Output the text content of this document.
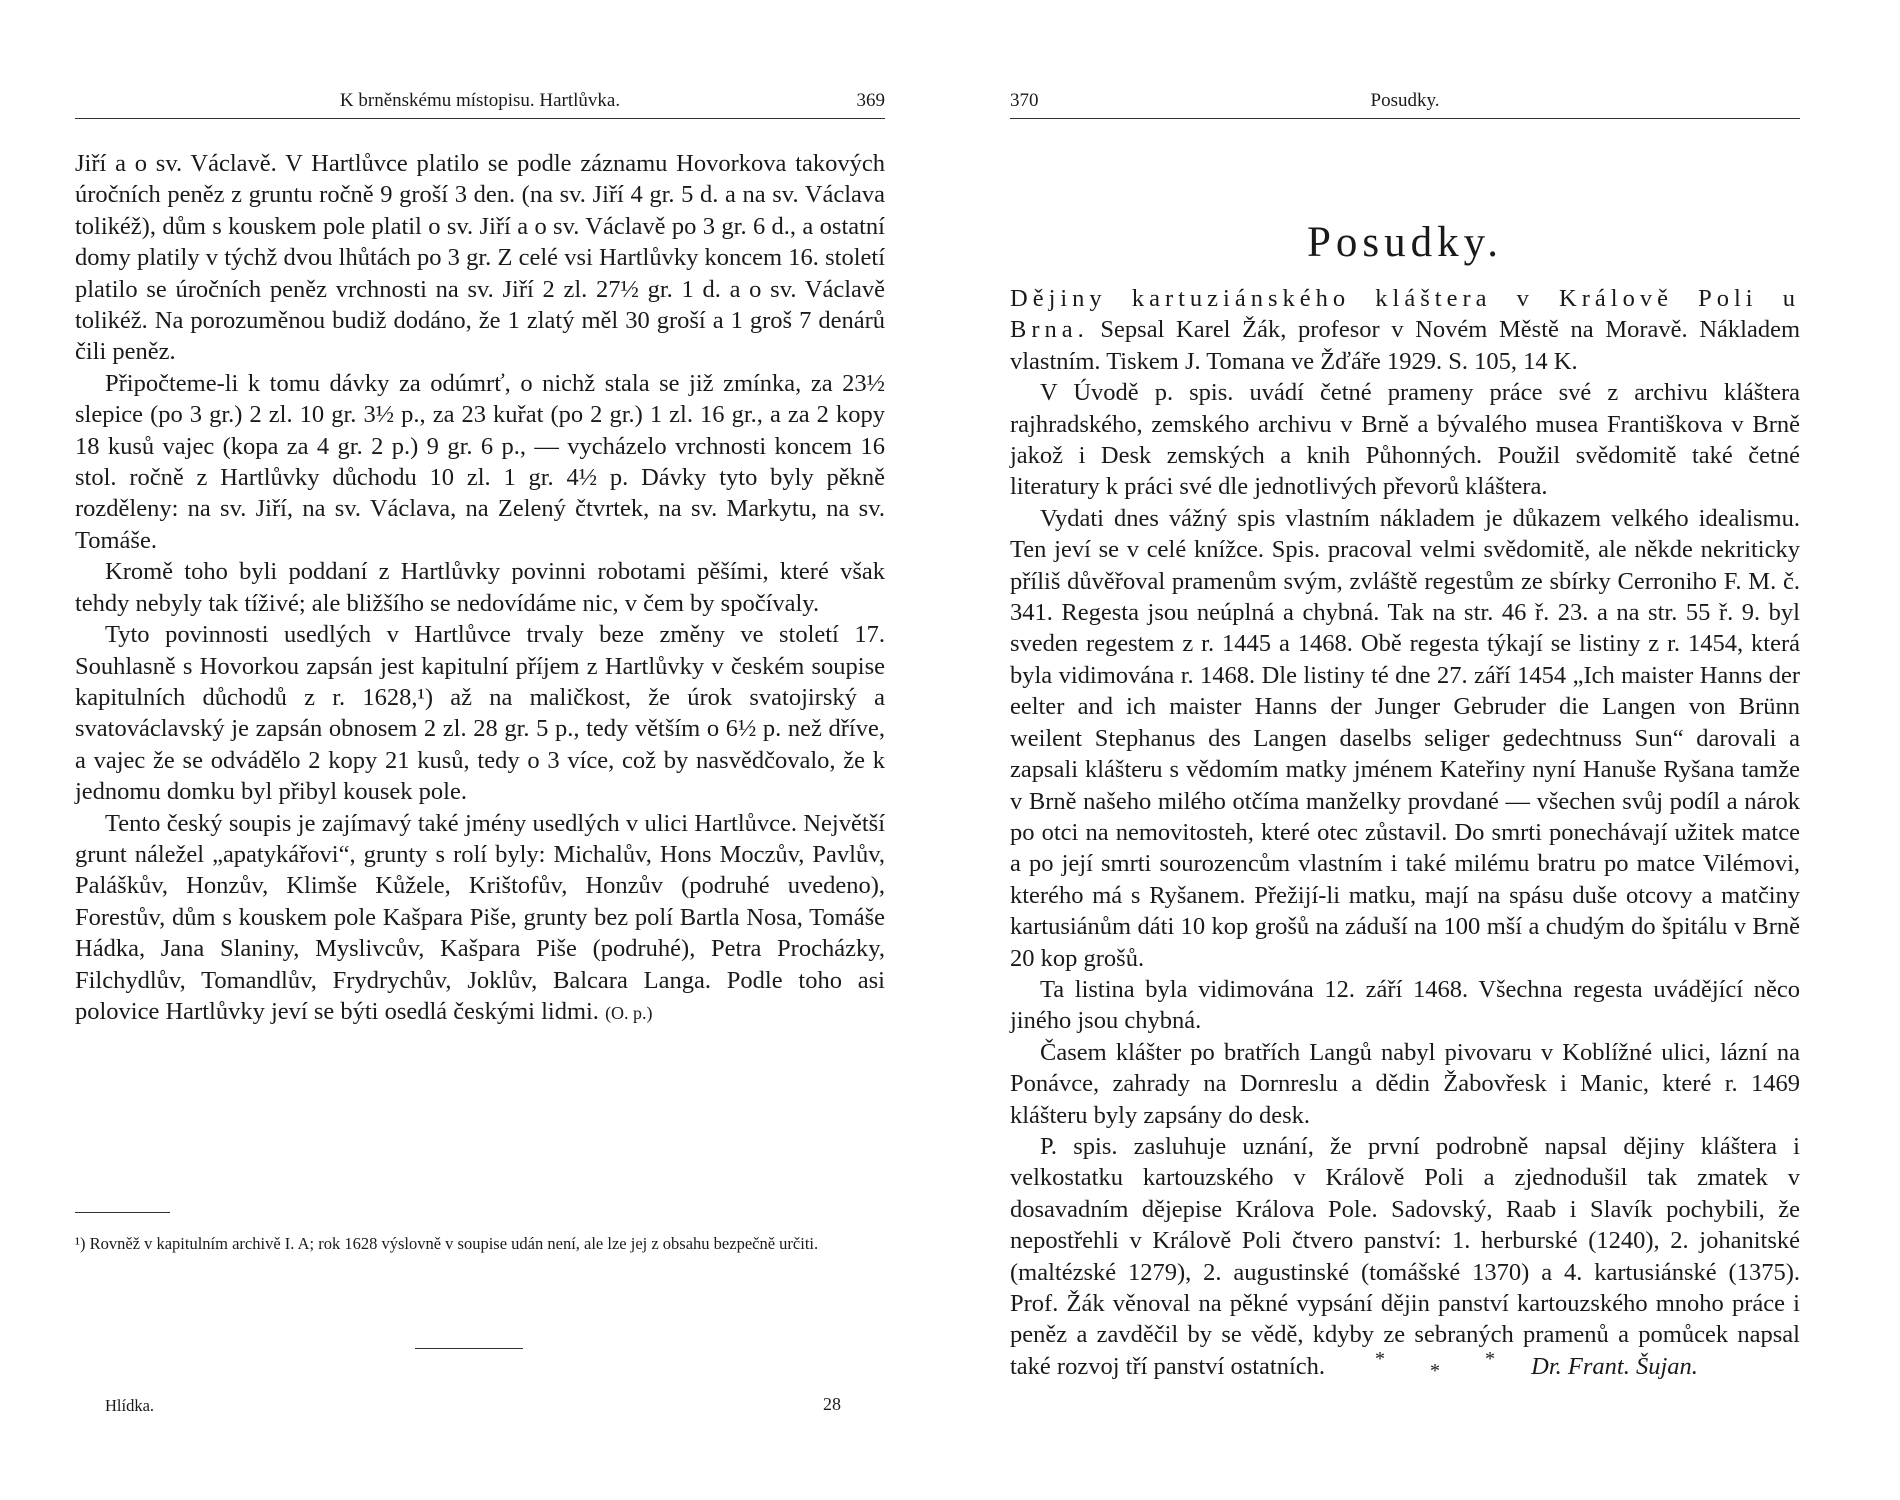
K brněnskému místopisu. Hartlůvka.	369

Jiří a o sv. Václavě. V Hartlůvce platilo se podle záznamu Hovorkova takových úročních peněz z gruntu ročně 9 groší 3 den. (na sv. Jiří 4 gr. 5 d. a na sv. Václava tolikéž), dům s kouskem pole platil o sv. Jiří a o sv. Václavě po 3 gr. 6 d., a ostatní domy platily v týchž dvou lhůtách po 3 gr. Z celé vsi Hartlůvky koncem 16. století platilo se úročních peněz vrchnosti na sv. Jiří 2 zl. 27½ gr. 1 d. a o sv. Václavě tolikéž. Na porozuměnou budiž dodáno, že 1 zlatý měl 30 groší a 1 groš 7 denárů čili peněz.

Připočteme-li k tomu dávky za odúmrť, o nichž stala se již zmínka, za 23½ slepice (po 3 gr.) 2 zl. 10 gr. 3½ p., za 23 kuřat (po 2 gr.) 1 zl. 16 gr., a za 2 kopy 18 kusů vajec (kopa za 4 gr. 2 p.) 9 gr. 6 p., — vycházelo vrchnosti koncem 16 stol. ročně z Hartlůvky důchodu 10 zl. 1 gr. 4½ p. Dávky tyto byly pěkně rozděleny: na sv. Jiří, na sv. Václava, na Zelený čtvrtek, na sv. Markytu, na sv. Tomáše.

Kromě toho byli poddaní z Hartlůvky povinni robotami pěšími, které však tehdy nebyly tak tíživé; ale bližšího se nedovídáme nic, v čem by spočívaly.

Tyto povinnosti usedlých v Hartlůvce trvaly beze změny ve století 17. Souhlasně s Hovorkou zapsán jest kapitulní příjem z Hartlůvky v českém soupise kapitulních důchodů z r. 1628,¹) až na maličkost, že úrok svatojirský a svatováclavský je zapsán obnosem 2 zl. 28 gr. 5 p., tedy větším o 6½ p. než dříve, a vajec že se odvádělo 2 kopy 21 kusů, tedy o 3 více, což by nasvědčovalo, že k jednomu domku byl přibyl kousek pole.

Tento český soupis je zajímavý také jmény usedlých v ulici Hartlůvce. Největší grunt náležel „apatykářovi“, grunty s rolí byly: Michalův, Hons Moczův, Pavlův, Paláškův, Honzův, Klimše Kůžele, Krištofův, Honzův (podruhé uvedeno), Forestův, dům s kouskem pole Kašpara Piše, grunty bez polí Bartla Nosa, Tomáše Hádka, Jana Slaniny, Myslivcův, Kašpara Piše (podruhé), Petra Procházky, Filchydlův, Tomandlův, Frydrychův, Joklův, Balcara Langa. Podle toho asi polovice Hartlůvky jeví se býti osedlá českými lidmi. (O. p.)

¹) Rovněž v kapitulním archivě I. A; rok 1628 výslovně v soupise udán není, ale lze jej z obsahu bezpečně určiti.
Hlídka.	28
370	Posudky.
Posudky.

Dějiny kartuziánského kláštera v Králově Poli u Brna. Sepsal Karel Žák, profesor v Novém Městě na Moravě. Nákladem vlastním. Tiskem J. Tomana ve Žďáře 1929. S. 105, 14 K.

V Úvodě p. spis. uvádí četné prameny práce své z archivu kláštera rajhradského, zemského archivu v Brně a bývalého musea Františkova v Brně jakož i Desk zemských a knih Půhonných. Použil svědomitě také četné literatury k práci své dle jednotlivých převorů kláštera.

Vydati dnes vážný spis vlastním nákladem je důkazem velkého idealismu. Ten jeví se v celé knížce. Spis. pracoval velmi svědomitě, ale někde nekriticky příliš důvěřoval pramenům svým, zvláště regestům ze sbírky Cerroniho F. M. č. 341. Regesta jsou neúplná a chybná. Tak na str. 46 ř. 23. a na str. 55 ř. 9. byl sveden regestem z r. 1445 a 1468. Obě regesta týkají se listiny z r. 1454, která byla vidimována r. 1468. Dle listiny té dne 27. září 1454 „Ich maister Hanns der eelter and ich maister Hanns der Junger Gebruder die Langen von Brünn weilent Stephanus des Langen daselbs seliger gedechtnuss Sun“ darovali a zapsali klášteru s vědomím matky jménem Kateřiny nyní Hanuše Ryšana tamže v Brně našeho milého otčíma manželky provdané — všechen svůj podíl a nárok po otci na nemovitosteh, které otec zůstavil. Do smrti ponechávají užitek matce a po její smrti sourozencům vlastním i také milému bratru po matce Vilémovi, kterého má s Ryšanem. Přežijí-li matku, mají na spásu duše otcovy a matčiny kartusiánům dáti 10 kop grošů na záduší na 100 mší a chudým do špitálu v Brně 20 kop grošů.

Ta listina byla vidimována 12. září 1468. Všechna regesta uvádějící něco jiného jsou chybná.

Časem klášter po bratřích Langů nabyl pivovaru v Koblížné ulici, lázní na Ponávce, zahrady na Dornreslu a dědin Žabovřesk i Manic, které r. 1469 klášteru byly zapsány do desk.

P. spis. zasluhuje uznání, že první podrobně napsal dějiny kláštera i velkostatku kartouzského v Králově Poli a zjednodušil tak zmatek v dosavadním dějepise Králova Pole. Sadovský, Raab i Slavík pochybili, že nepostřehli v Králově Poli čtvero panství: 1. herburské (1240), 2. johanitské (maltézské 1279), 2. augustinské (tomášské 1370) a 4. kartusiánské (1375). Prof. Žák věnoval na pěkné vypsání dějin panství kartouzského mnoho práce i peněz a zavděčil by se vědě, kdyby ze sebraných pramenů a pomůcek napsal také rozvoj tří panství ostatních.	Dr. Frant. Šujan.

*
*
*
